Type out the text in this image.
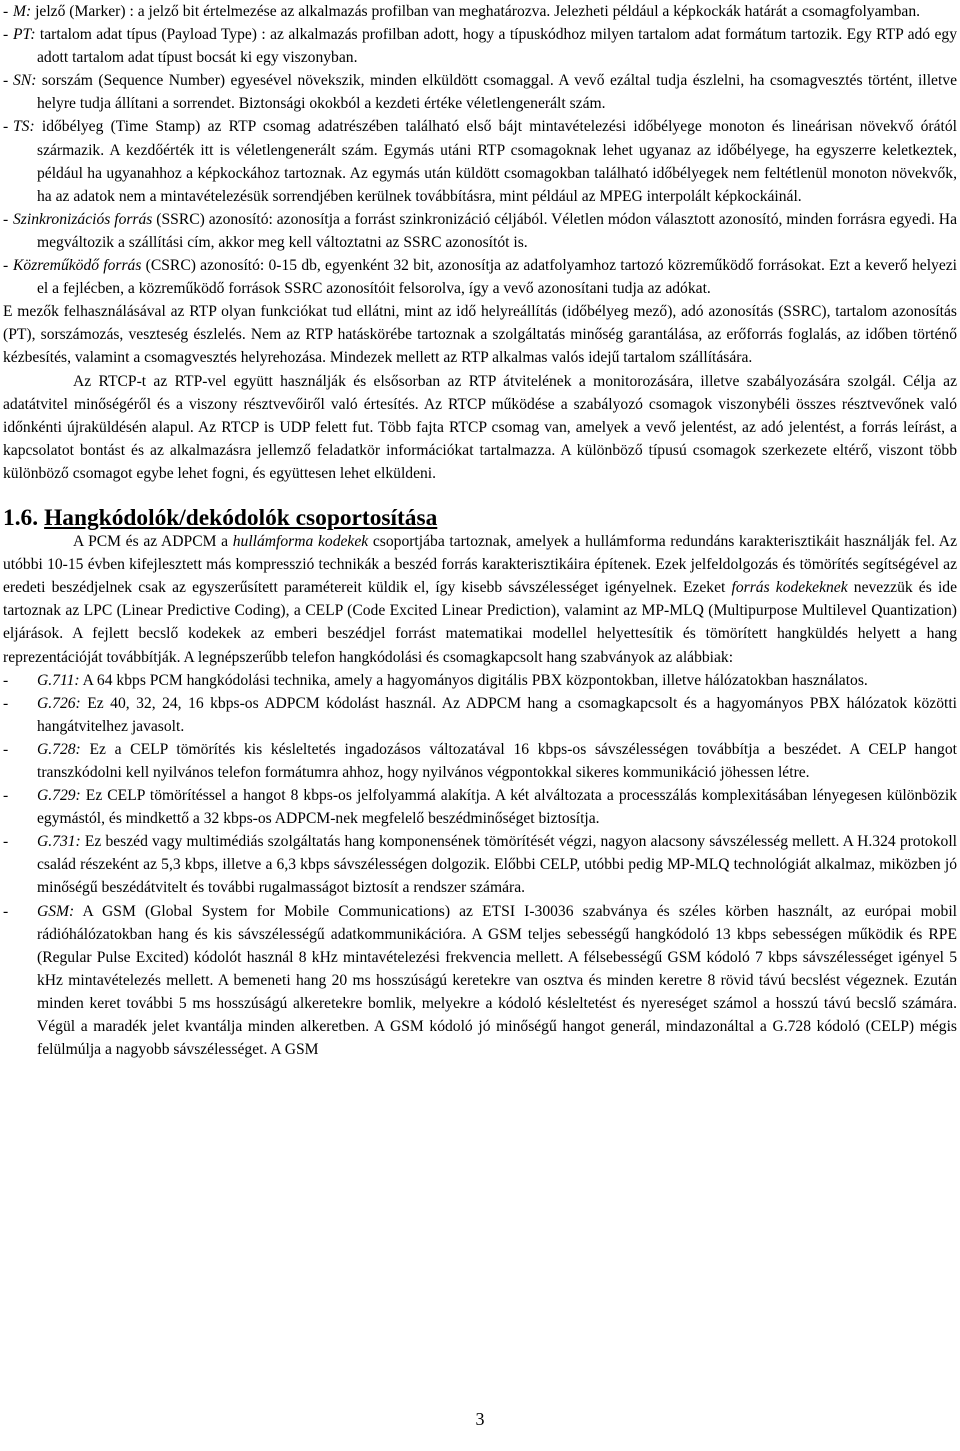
- M: jelző (Marker) : a jelző bit értelmezése az alkalmazás profilban van meghatározva. Jelezheti például a képkockák határát a csomagfolyamban.

- PT: tartalom adat típus (Payload Type) : az alkalmazás profilban adott, hogy a típuskódhoz milyen tartalom adat formátum tartozik. Egy RTP adó egy adott tartalom adat típust bocsát ki egy viszonyban.

- SN: sorszám (Sequence Number) egyesével növekszik, minden elküldött csomaggal. A vevő ezáltal tudja észlelni, ha csomagvesztés történt, illetve helyre tudja állítani a sorrendet. Biztonsági okokból a kezdeti értéke véletlengenerált szám.

- TS: időbélyeg (Time Stamp) az RTP csomag adatrészében található első bájt mintavételezési időbélyege monoton és lineárisan növekvő órától származik. A kezdőérték itt is véletlengenerált szám. Egymás utáni RTP csomagoknak lehet ugyanaz az időbélyege, ha egyszerre keletkeztek, például ha ugyanahhoz a képkockához tartoznak. Az egymás után küldött csomagokban található időbélyegek nem feltétlenül monoton növekvők, ha az adatok nem a mintavételezésük sorrendjében kerülnek továbbításra, mint például az MPEG interpolált képkockáinál.

- Szinkronizációs forrás (SSRC) azonosító: azonosítja a forrást szinkronizáció céljából. Véletlen módon választott azonosító, minden forrásra egyedi. Ha megváltozik a szállítási cím, akkor meg kell változtatni az SSRC azonosítót is.

- Közreműködő forrás (CSRC) azonosító: 0-15 db, egyenként 32 bit, azonosítja az adatfolyamhoz tartozó közreműködő forrásokat. Ezt a keverő helyezi el a fejlécben, a közreműködő források SSRC azonosítóit felsorolva, így a vevő azonosítani tudja az adókat.

E mezők felhasználásával az RTP olyan funkciókat tud ellátni, mint az idő helyreállítás (időbélyeg mező), adó azonosítás (SSRC), tartalom azonosítás (PT), sorszámozás, veszteség észlelés. Nem az RTP hatáskörébe tartoznak a szolgáltatás minőség garantálása, az erőforrás foglalás, az időben történő kézbesítés, valamint a csomagvesztés helyrehozása. Mindezek mellett az RTP alkalmas valós idejű tartalom szállítására.

Az RTCP-t az RTP-vel együtt használják és elsősorban az RTP átvitelének a monitorozására, illetve szabályozására szolgál. Célja az adatátvitel minőségéről és a viszony résztvevőiről való értesítés. Az RTCP működése a szabályozó csomagok viszonybéli összes résztvevőnek való időnkénti újraküldésén alapul. Az RTCP is UDP felett fut. Több fajta RTCP csomag van, amelyek a vevő jelentést, az adó jelentést, a forrás leírást, a kapcsolatot bontást és az alkalmazásra jellemző feladatkör információkat tartalmazza. A különböző típusú csomagok szerkezete eltérő, viszont több különböző csomagot egybe lehet fogni, és együttesen lehet elküldeni.

1.6. Hangkódolók/dekódolók csoportosítása

A PCM és az ADPCM a hullámforma kodekek csoportjába tartoznak, amelyek a hullámforma redundáns karakterisztikáit használják fel. Az utóbbi 10-15 évben kifejlesztett más kompresszió technikák a beszéd forrás karakterisztikáira építenek. Ezek jelfeldolgozás és tömörítés segítségével az eredeti beszédjelnek csak az egyszerűsített paramétereit küldik el, így kisebb sávszélességet igényelnek. Ezeket forrás kodekeknek nevezzük és ide tartoznak az LPC (Linear Predictive Coding), a CELP (Code Excited Linear Prediction), valamint az MP-MLQ (Multipurpose Multilevel Quantization) eljárások. A fejlett becslő kodekek az emberi beszédjel forrást matematikai modellel helyettesítik és tömörített hangküldés helyett a hang reprezentációját továbbítják. A legnépszerűbb telefon hangkódolási és csomagkapcsolt hang szabványok az alábbiak:

- G.711: A 64 kbps PCM hangkódolási technika, amely a hagyományos digitális PBX központokban, illetve hálózatokban használatos.

- G.726: Ez 40, 32, 24, 16 kbps-os ADPCM kódolást használ. Az ADPCM hang a csomagkapcsolt és a hagyományos PBX hálózatok közötti hangátvitelhez javasolt.

- G.728: Ez a CELP tömörítés kis késleltetés ingadozásos változatával 16 kbps-os sávszélességen továbbítja a beszédet. A CELP hangot transzkódolni kell nyilvános telefon formátumra ahhoz, hogy nyilvános végpontokkal sikeres kommunikáció jöhessen létre.

- G.729: Ez CELP tömörítéssel a hangot 8 kbps-os jelfolyammá alakítja. A két alváltozata a processzálás komplexitásában lényegesen különbözik egymástól, és mindkettő a 32 kbps-os ADPCM-nek megfelelő beszédminőséget biztosítja.

- G.731: Ez beszéd vagy multimédiás szolgáltatás hang komponensének tömörítését végzi, nagyon alacsony sávszélesség mellett. A H.324 protokoll család részeként az 5,3 kbps, illetve a 6,3 kbps sávszélességen dolgozik. Előbbi CELP, utóbbi pedig MP-MLQ technológiát alkalmaz, miközben jó minőségű beszédátvitelt és további rugalmasságot biztosít a rendszer számára.

- GSM: A GSM (Global System for Mobile Communications) az ETSI I-30036 szabványa és széles körben használt, az európai mobil rádióhálózatokban hang és kis sávszélességű adatkommunikációra. A GSM teljes sebességű hangkódoló 13 kbps sebességen működik és RPE (Regular Pulse Excited) kódolót használ 8 kHz mintavételezési frekvencia mellett. A félsebességű GSM kódoló 7 kbps sávszélességet igényel 5 kHz mintavételezés mellett. A bemeneti hang 20 ms hosszúságú keretekre van osztva és minden keretre 8 rövid távú becslést végeznek. Ezután minden keret további 5 ms hosszúságú alkeretekre bomlik, melyekre a kódoló késleltetést és nyereséget számol a hosszú távú becslő számára. Végül a maradék jelet kvantálja minden alkeretben. A GSM kódoló jó minőségű hangot generál, mindazonáltal a G.728 kódoló (CELP) mégis felülmúlja a nagyobb sávszélességet. A GSM

3
